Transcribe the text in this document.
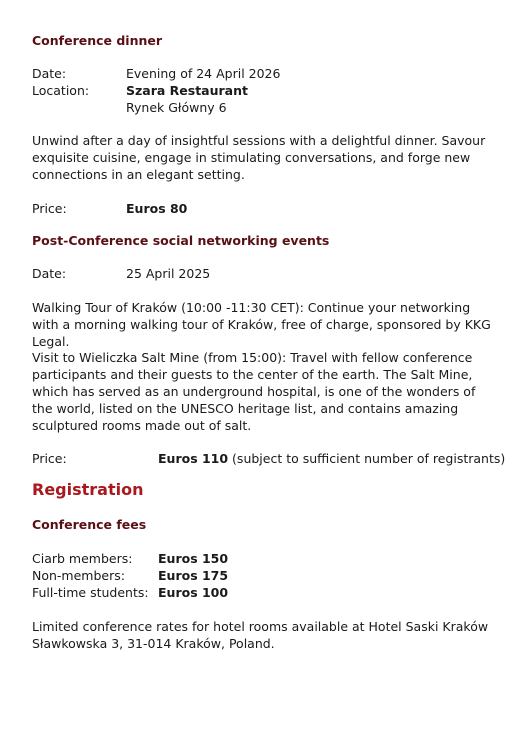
Conference dinner
Date:	Evening of 24 April 2026
Location:	Szara Restaurant
Rynek Główny 6
Unwind after a day of insightful sessions with a delightful dinner. Savour exquisite cuisine, engage in stimulating conversations, and forge new connections in an elegant setting.
Price:	Euros 80
Post-Conference social networking events
Date:	25 April 2025
Walking Tour of Kraków (10:00 -11:30 CET): Continue your networking with a morning walking tour of Kraków, free of charge, sponsored by KKG Legal.
Visit to Wieliczka Salt Mine (from 15:00): Travel with fellow conference participants and their guests to the center of the earth. The Salt Mine, which has served as an underground hospital, is one of the wonders of the world, listed on the UNESCO heritage list, and contains amazing sculptured rooms made out of salt.
Price:	Euros 110 (subject to sufficient number of registrants)
Registration
Conference fees
Ciarb members: Euros 150
Non-members:	Euros 175
Full-time students: Euros 100
Limited conference rates for hotel rooms available at Hotel Saski Kraków Sławkowska 3, 31-014 Kraków, Poland.
